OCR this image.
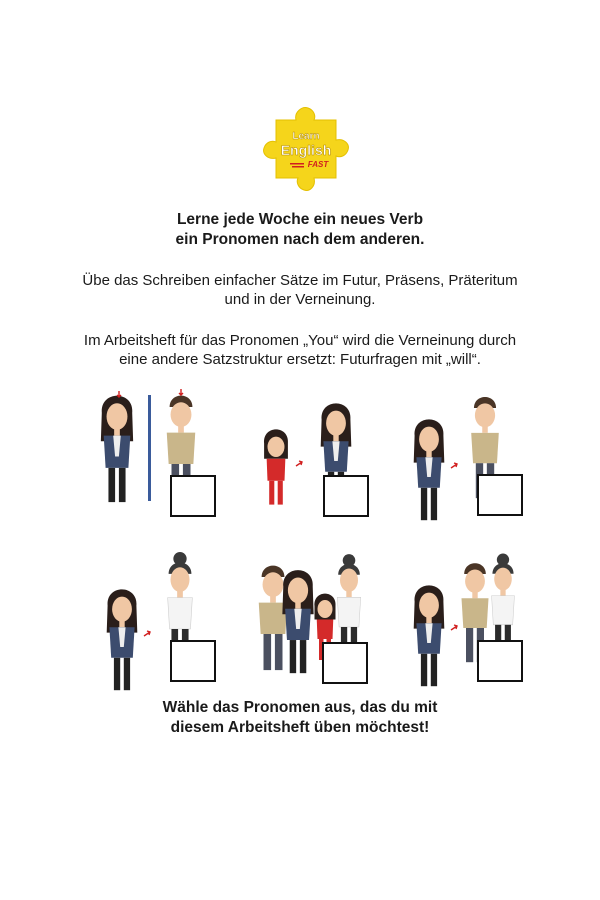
Learn
English
FAST

Lerne jede Woche ein neues Verb
ein Pronomen nach dem anderen.

Übe das Schreiben einfacher Sätze im Futur, Präsens, Präteritum
und in der Verneinung.

Im Arbeitsheft für das Pronomen „You“ wird die Verneinung durch
eine andere Satzstruktur ersetzt: Futurfragen mit „will“.

Wähle das Pronomen aus, das du mit
diesem Arbeitsheft üben möchtest!
